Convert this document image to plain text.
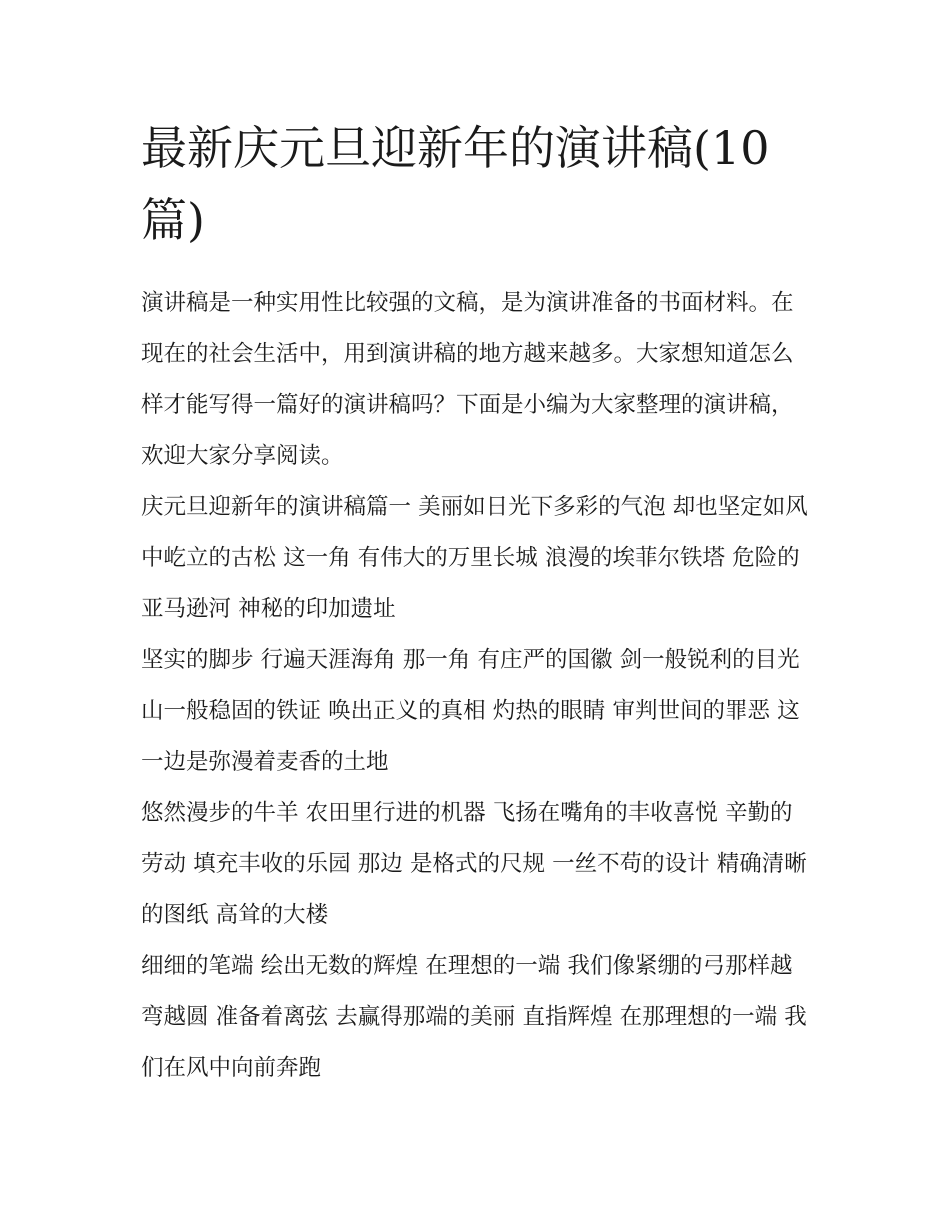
最新庆元旦迎新年的演讲稿(10篇)

演讲稿是一种实用性比较强的文稿，是为演讲准备的书面材料。在现在的社会生活中，用到演讲稿的地方越来越多。大家想知道怎么样才能写得一篇好的演讲稿吗？下面是小编为大家整理的演讲稿，欢迎大家分享阅读。

庆元旦迎新年的演讲稿篇一 美丽如日光下多彩的气泡 却也坚定如风中屹立的古松 这一角 有伟大的万里长城 浪漫的埃菲尔铁塔 危险的亚马逊河 神秘的印加遗址

坚实的脚步 行遍天涯海角 那一角 有庄严的国徽 剑一般锐利的目光 山一般稳固的铁证 唤出正义的真相 灼热的眼睛 审判世间的罪恶 这一边是弥漫着麦香的土地

悠然漫步的牛羊 农田里行进的机器 飞扬在嘴角的丰收喜悦 辛勤的劳动 填充丰收的乐园 那边 是格式的尺规 一丝不苟的设计 精确清晰的图纸 高耸的大楼

细细的笔端 绘出无数的辉煌 在理想的一端 我们像紧绷的弓那样越弯越圆 准备着离弦 去赢得那端的美丽 直指辉煌 在那理想的一端 我们在风中向前奔跑
